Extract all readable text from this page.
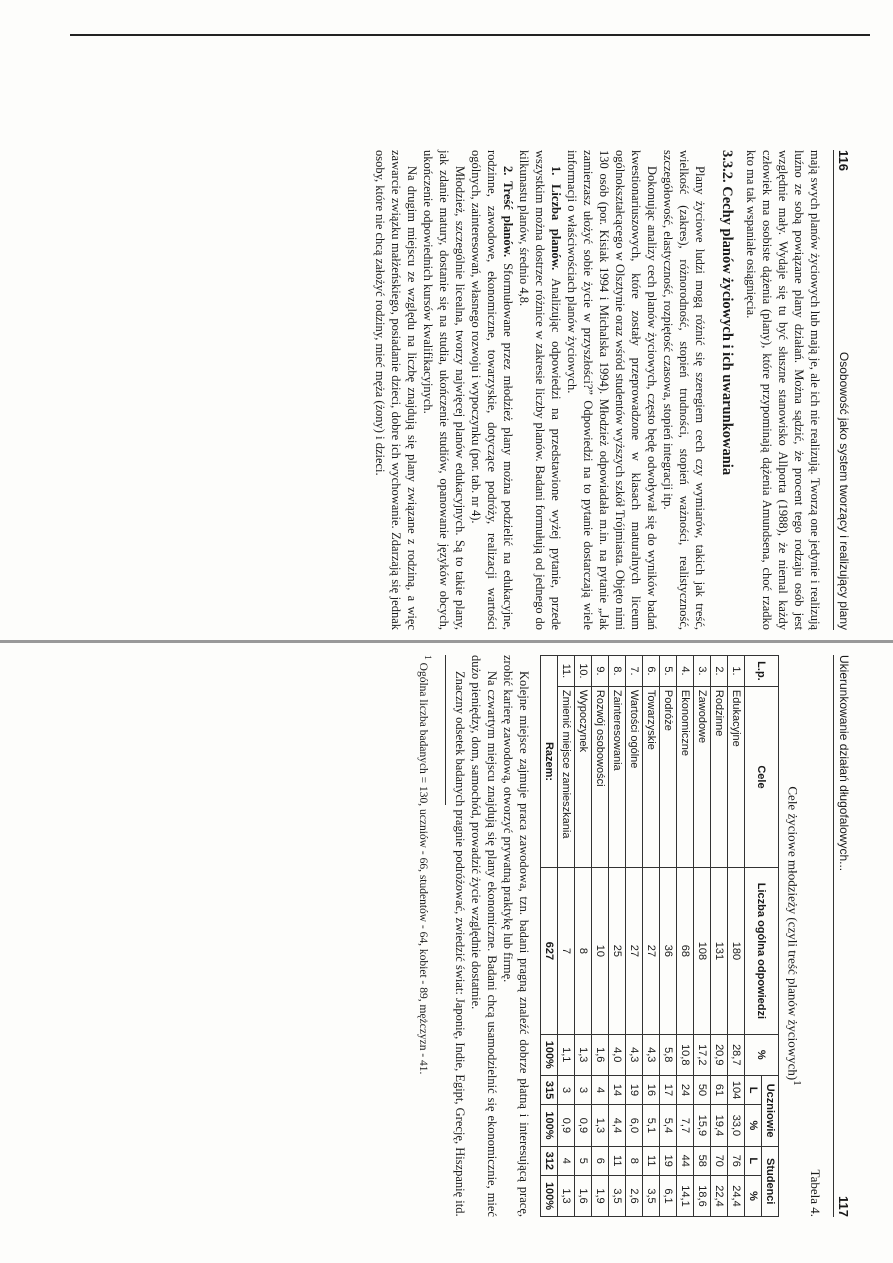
116
Osobowość jako system tworzący i realizujący plany

mają swych planów życiowych lub mają je, ale ich nie realizują. Tworzą one jedynie i realizują luźno ze sobą powiązane plany działań. Można sądzić, że procent tego rodzaju osób jest względnie mały. Wydaje się tu być słuszne stanowisko Allporta (1988), że niemal każdy człowiek ma osobiste dążenia (plany), które przypominają dążenia Amundsena, choć rzadko kto ma tak wspaniałe osiągnięcia.

3.3.2. Cechy planów życiowych i ich uwarunkowania

Plany życiowe ludzi mogą różnić się szeregiem cech czy wymiarów, takich jak treść, wielkość (zakres), różnorodność, stopień trudności, stopień ważności, realistyczność, szczegółowość, elastyczność, rozpiętość czasowa, stopień integracji itp.

Dokonując analizy cech planów życiowych, często będę odwoływał się do wyników badań kwestionariuszowych, które zostały przeprowadzone w klasach maturalnych liceum ogólnokształcącego w Olsztynie oraz wśród studentów wyższych szkół Trójmiasta. Objęto nimi 130 osób (por. Kisiak 1994 i Michalska 1994). Młodzież odpowiadała m.in. na pytanie „Jak zamierzasz ułożyć sobie życie w przyszłości?” Odpowiedzi na to pytanie dostarczają wiele informacji o właściwościach planów życiowych.

1. Liczba planów. Analizując odpowiedzi na przedstawione wyżej pytanie, przede wszystkim można dostrzec różnice w zakresie liczby planów. Badani formułują od jednego do kilkunastu planów, średnio 4,8.

2. Treść planów. Sformułowane przez młodzież plany można podzielić na edukacyjne, rodzinne, zawodowe, ekonomiczne, towarzyskie, dotyczące podróży, realizacji wartości ogólnych, zainteresowań, własnego rozwoju i wypoczynku (por. tab. nr 4).

Młodzież, szczególnie licealna, tworzy najwięcej planów edukacyjnych. Są to takie plany, jak zdanie matury, dostanie się na studia, ukończenie studiów, opanowanie języków obcych, ukończenie odpowiednich kursów kwalifikacyjnych.

Na drugim miejscu ze względu na liczbę znajdują się plany związane z rodziną, a więc zawarcie związku małżeńskiego, posiadanie dzieci, dobre ich wychowanie. Zdarzają się jednak osoby, które nie chcą założyć rodziny, mieć męża (żony) i dzieci.

Ukierunkowanie działań długofalowych...
117
Tabela 4.
Cele życiowe młodzieży (czyli treść planów życiowych)$^1$
L.p.	Cele	Liczba ogólna odpowiedzi	%	Uczniowie		Studenci	
				L	%	L	%
1.	Edukacyjne	180	28,7	104	33,0	76	24,4
2.	Rodzinne	131	20,9	61	19,4	70	22,4
3.	Zawodowe	108	17,2	50	15,9	58	18,6
4.	Ekonomiczne	68	10,8	24	7,7	44	14,1
5.	Podróże	36	5,8	17	5,4	19	6,1
6.	Towarzyskie	27	4,3	16	5,1	11	3,5
7.	Wartości ogólne	27	4,3	19	6,0	8	2,6
8.	Zainteresowania	25	4,0	14	4,4	11	3,5
9.	Rozwój osobowości	10	1,6	4	1,3	6	1,9
10.	Wypoczynek	8	1,3	3	0,9	5	1,6
11.	Zmienić miejsce zamieszkania	7	1,1	3	0,9	4	1,3
Razem:		627	100%	315	100%	312	100%

Kolejne miejsce zajmuje praca zawodowa, tzn. badani pragną znaleźć dobrze płatną i interesującą pracę, zrobić karierę zawodową, otworzyć prywatną praktykę lub firmę.

Na czwartym miejscu znajdują się plany ekonomiczne. Badani chcą usamodzielnić się ekonomicznie, mieć dużo pieniędzy, dom, samochód, prowadzić życie względnie dostatnie.

Znaczny odsetek badanych pragnie podróżować, zwiedzić świat: Japonię, Indie, Egipt, Grecję, Hiszpanię itd.

$^1$ Ogólna liczba badanych = 130, uczniów - 66, studentów - 64, kobiet - 89, mężczyzn - 41.
